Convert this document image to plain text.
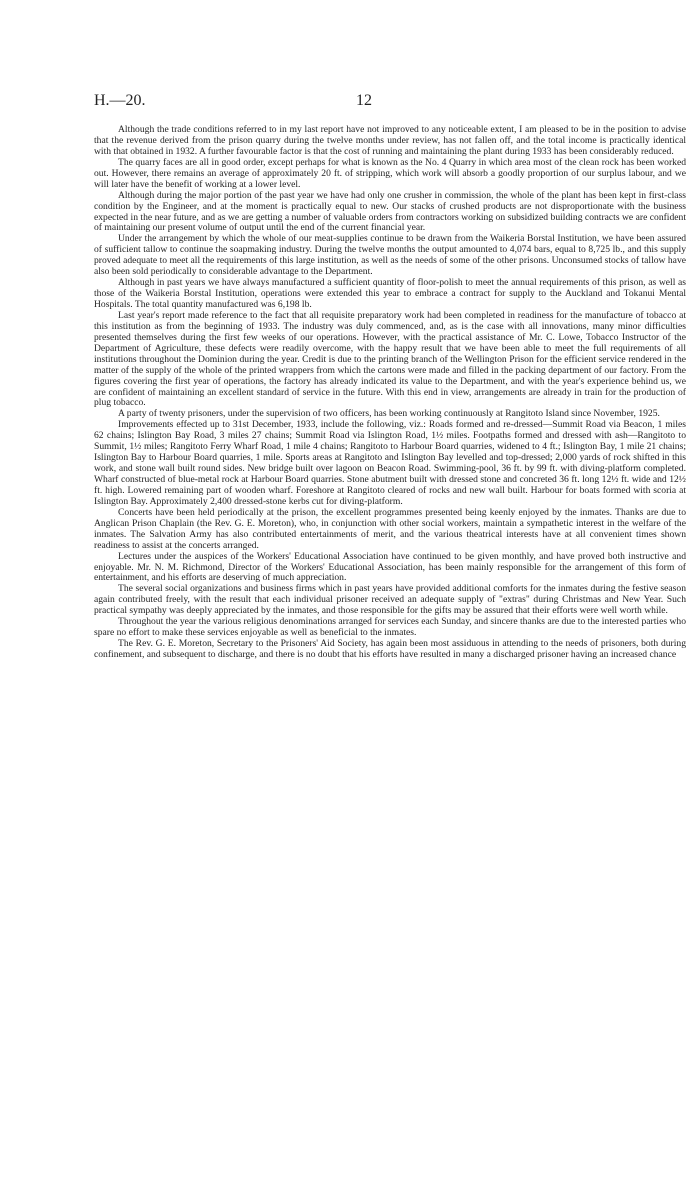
H.—20.	12

Although the trade conditions referred to in my last report have not improved to any noticeable extent, I am pleased to be in the position to advise that the revenue derived from the prison quarry during the twelve months under review, has not fallen off, and the total income is practically identical with that obtained in 1932. A further favourable factor is that the cost of running and maintaining the plant during 1933 has been considerably reduced.

The quarry faces are all in good order, except perhaps for what is known as the No. 4 Quarry in which area most of the clean rock has been worked out. However, there remains an average of approximately 20 ft. of stripping, which work will absorb a goodly proportion of our surplus labour, and we will later have the benefit of working at a lower level.

Although during the major portion of the past year we have had only one crusher in commission, the whole of the plant has been kept in first-class condition by the Engineer, and at the moment is practically equal to new. Our stacks of crushed products are not disproportionate with the business expected in the near future, and as we are getting a number of valuable orders from contractors working on subsidized building contracts we are confident of maintaining our present volume of output until the end of the current financial year.

Under the arrangement by which the whole of our meat-supplies continue to be drawn from the Waikeria Borstal Institution, we have been assured of sufficient tallow to continue the soapmaking industry. During the twelve months the output amounted to 4,074 bars, equal to 8,725 lb., and this supply proved adequate to meet all the requirements of this large institution, as well as the needs of some of the other prisons. Unconsumed stocks of tallow have also been sold periodically to considerable advantage to the Department.

Although in past years we have always manufactured a sufficient quantity of floor-polish to meet the annual requirements of this prison, as well as those of the Waikeria Borstal Institution, operations were extended this year to embrace a contract for supply to the Auckland and Tokanui Mental Hospitals. The total quantity manufactured was 6,198 lb.

Last year's report made reference to the fact that all requisite preparatory work had been completed in readiness for the manufacture of tobacco at this institution as from the beginning of 1933. The industry was duly commenced, and, as is the case with all innovations, many minor difficulties presented themselves during the first few weeks of our operations. However, with the practical assistance of Mr. C. Lowe, Tobacco Instructor of the Department of Agriculture, these defects were readily overcome, with the happy result that we have been able to meet the full requirements of all institutions throughout the Dominion during the year. Credit is due to the printing branch of the Wellington Prison for the efficient service rendered in the matter of the supply of the whole of the printed wrappers from which the cartons were made and filled in the packing department of our factory. From the figures covering the first year of operations, the factory has already indicated its value to the Department, and with the year's experience behind us, we are confident of maintaining an excellent standard of service in the future. With this end in view, arrangements are already in train for the production of plug tobacco.

A party of twenty prisoners, under the supervision of two officers, has been working continuously at Rangitoto Island since November, 1925.

Improvements effected up to 31st December, 1933, include the following, viz.: Roads formed and re-dressed—Summit Road via Beacon, 1 miles 62 chains; Islington Bay Road, 3 miles 27 chains; Summit Road via Islington Road, 1½ miles. Footpaths formed and dressed with ash—Rangitoto to Summit, 1½ miles; Rangitoto Ferry Wharf Road, 1 mile 4 chains; Rangitoto to Harbour Board quarries, widened to 4 ft.; Islington Bay, 1 mile 21 chains; Islington Bay to Harbour Board quarries, 1 mile. Sports areas at Rangitoto and Islington Bay levelled and top-dressed; 2,000 yards of rock shifted in this work, and stone wall built round sides. New bridge built over lagoon on Beacon Road. Swimming-pool, 36 ft. by 99 ft. with diving-platform completed. Wharf constructed of blue-metal rock at Harbour Board quarries. Stone abutment built with dressed stone and concreted 36 ft. long 12½ ft. wide and 12½ ft. high. Lowered remaining part of wooden wharf. Foreshore at Rangitoto cleared of rocks and new wall built. Harbour for boats formed with scoria at Islington Bay. Approximately 2,400 dressed-stone kerbs cut for diving-platform.

Concerts have been held periodically at the prison, the excellent programmes presented being keenly enjoyed by the inmates. Thanks are due to Anglican Prison Chaplain (the Rev. G. E. Moreton), who, in conjunction with other social workers, maintain a sympathetic interest in the welfare of the inmates. The Salvation Army has also contributed entertainments of merit, and the various theatrical interests have at all convenient times shown readiness to assist at the concerts arranged.

Lectures under the auspices of the Workers' Educational Association have continued to be given monthly, and have proved both instructive and enjoyable. Mr. N. M. Richmond, Director of the Workers' Educational Association, has been mainly responsible for the arrangement of this form of entertainment, and his efforts are deserving of much appreciation.

The several social organizations and business firms which in past years have provided additional comforts for the inmates during the festive season again contributed freely, with the result that each individual prisoner received an adequate supply of "extras" during Christmas and New Year. Such practical sympathy was deeply appreciated by the inmates, and those responsible for the gifts may be assured that their efforts were well worth while.

Throughout the year the various religious denominations arranged for services each Sunday, and sincere thanks are due to the interested parties who spare no effort to make these services enjoyable as well as beneficial to the inmates.

The Rev. G. E. Moreton, Secretary to the Prisoners' Aid Society, has again been most assiduous in attending to the needs of prisoners, both during confinement, and subsequent to discharge, and there is no doubt that his efforts have resulted in many a discharged prisoner having an increased chance
